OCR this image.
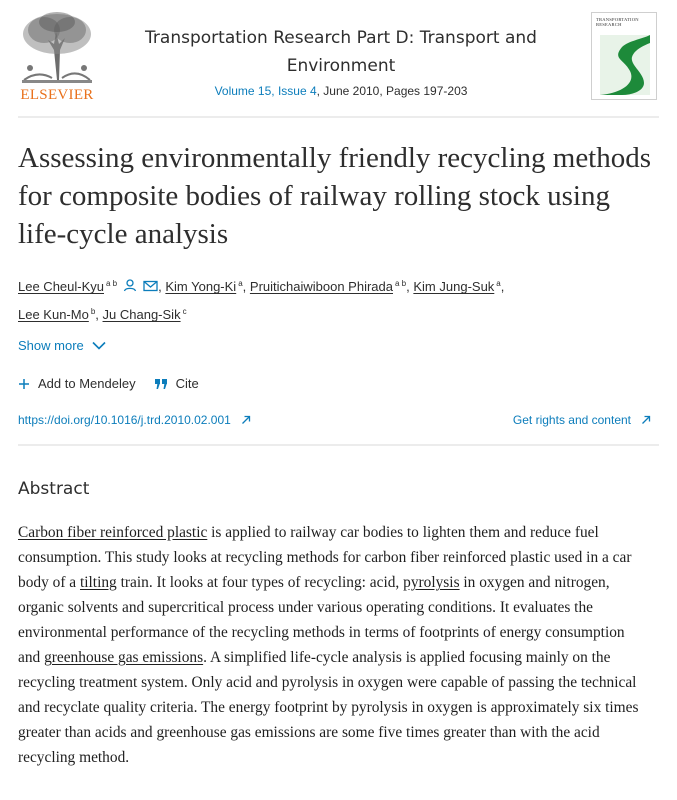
ELSEVIER
Transportation Research Part D: Transport and Environment
Volume 15, Issue 4, June 2010, Pages 197-203
TRANSPORTATION RESEARCH
Assessing environmentally friendly recycling methods for composite bodies of railway rolling stock using life-cycle analysis
Lee Cheul-Kyu $^{a b}$	, Kim Yong-Ki $^a$, Pruitichaiwiboon Phirada $^{a b}$, Kim Jung-Suk $^a$,
Lee Kun-Mo $^b$, Ju Chang-Sik $^c$
Show more
Add to Mendeley	Cite
https://doi.org/10.1016/j.trd.2010.02.001	Get rights and content
Abstract

Carbon fiber reinforced plastic is applied to railway car bodies to lighten them and reduce fuel consumption. This study looks at recycling methods for carbon fiber reinforced plastic used in a car body of a tilting train. It looks at four types of recycling: acid, pyrolysis in oxygen and nitrogen, organic solvents and supercritical process under various operating conditions. It evaluates the environmental performance of the recycling methods in terms of footprints of energy consumption and greenhouse gas emissions. A simplified life-cycle analysis is applied focusing mainly on the recycling treatment system. Only acid and pyrolysis in oxygen were capable of passing the technical and recyclate quality criteria. The energy footprint by pyrolysis in oxygen is approximately six times greater than acids and greenhouse gas emissions are some five times greater than with the acid recycling method.
